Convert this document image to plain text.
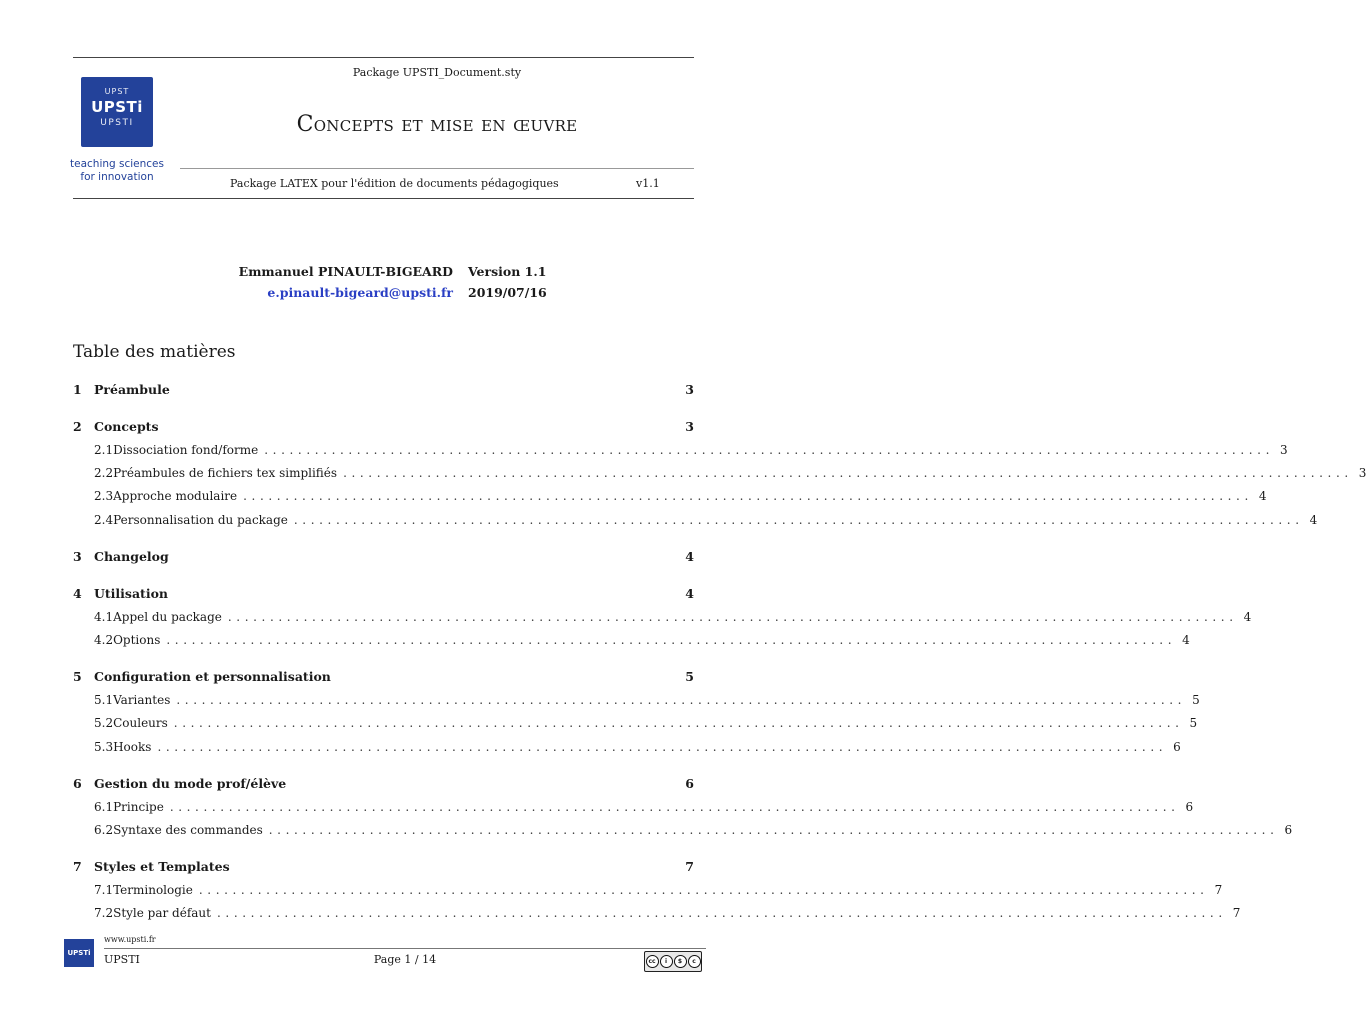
Package UPSTI_Document.sty
UPST
UPSTi
UPSTI
teaching sciences
for innovation
Concepts et mise en œuvre
Package LATEX pour l'édition de documents pédagogiques	v1.1
Emmanuel PINAULT-BIGEARD
e.pinault-bigeard@upsti.fr
Version 1.1
2019/07/16
Table des matières
1 Préambule	3
2 Concepts	3
2.1 Dissociation fond/forme ........................................................................................................................ 3
2.2 Préambules de fichiers tex simplifiés ........................................................................................................................ 3
2.3 Approche modulaire ........................................................................................................................ 4
2.4 Personnalisation du package ........................................................................................................................ 4
3 Changelog	4
4 Utilisation	4
4.1 Appel du package ........................................................................................................................ 4
4.2 Options ........................................................................................................................ 4
5 Configuration et personnalisation	5
5.1 Variantes ........................................................................................................................ 5
5.2 Couleurs ........................................................................................................................ 5
5.3 Hooks ........................................................................................................................ 6
6 Gestion du mode prof/élève	6
6.1 Principe ........................................................................................................................ 6
6.2 Syntaxe des commandes ........................................................................................................................ 6
7 Styles et Templates	7
7.1 Terminologie ........................................................................................................................ 7
7.2 Style par défaut ........................................................................................................................ 7
www.upsti.fr
UPSTi	UPSTI	Page 1 / 14	cc	i	$	c
